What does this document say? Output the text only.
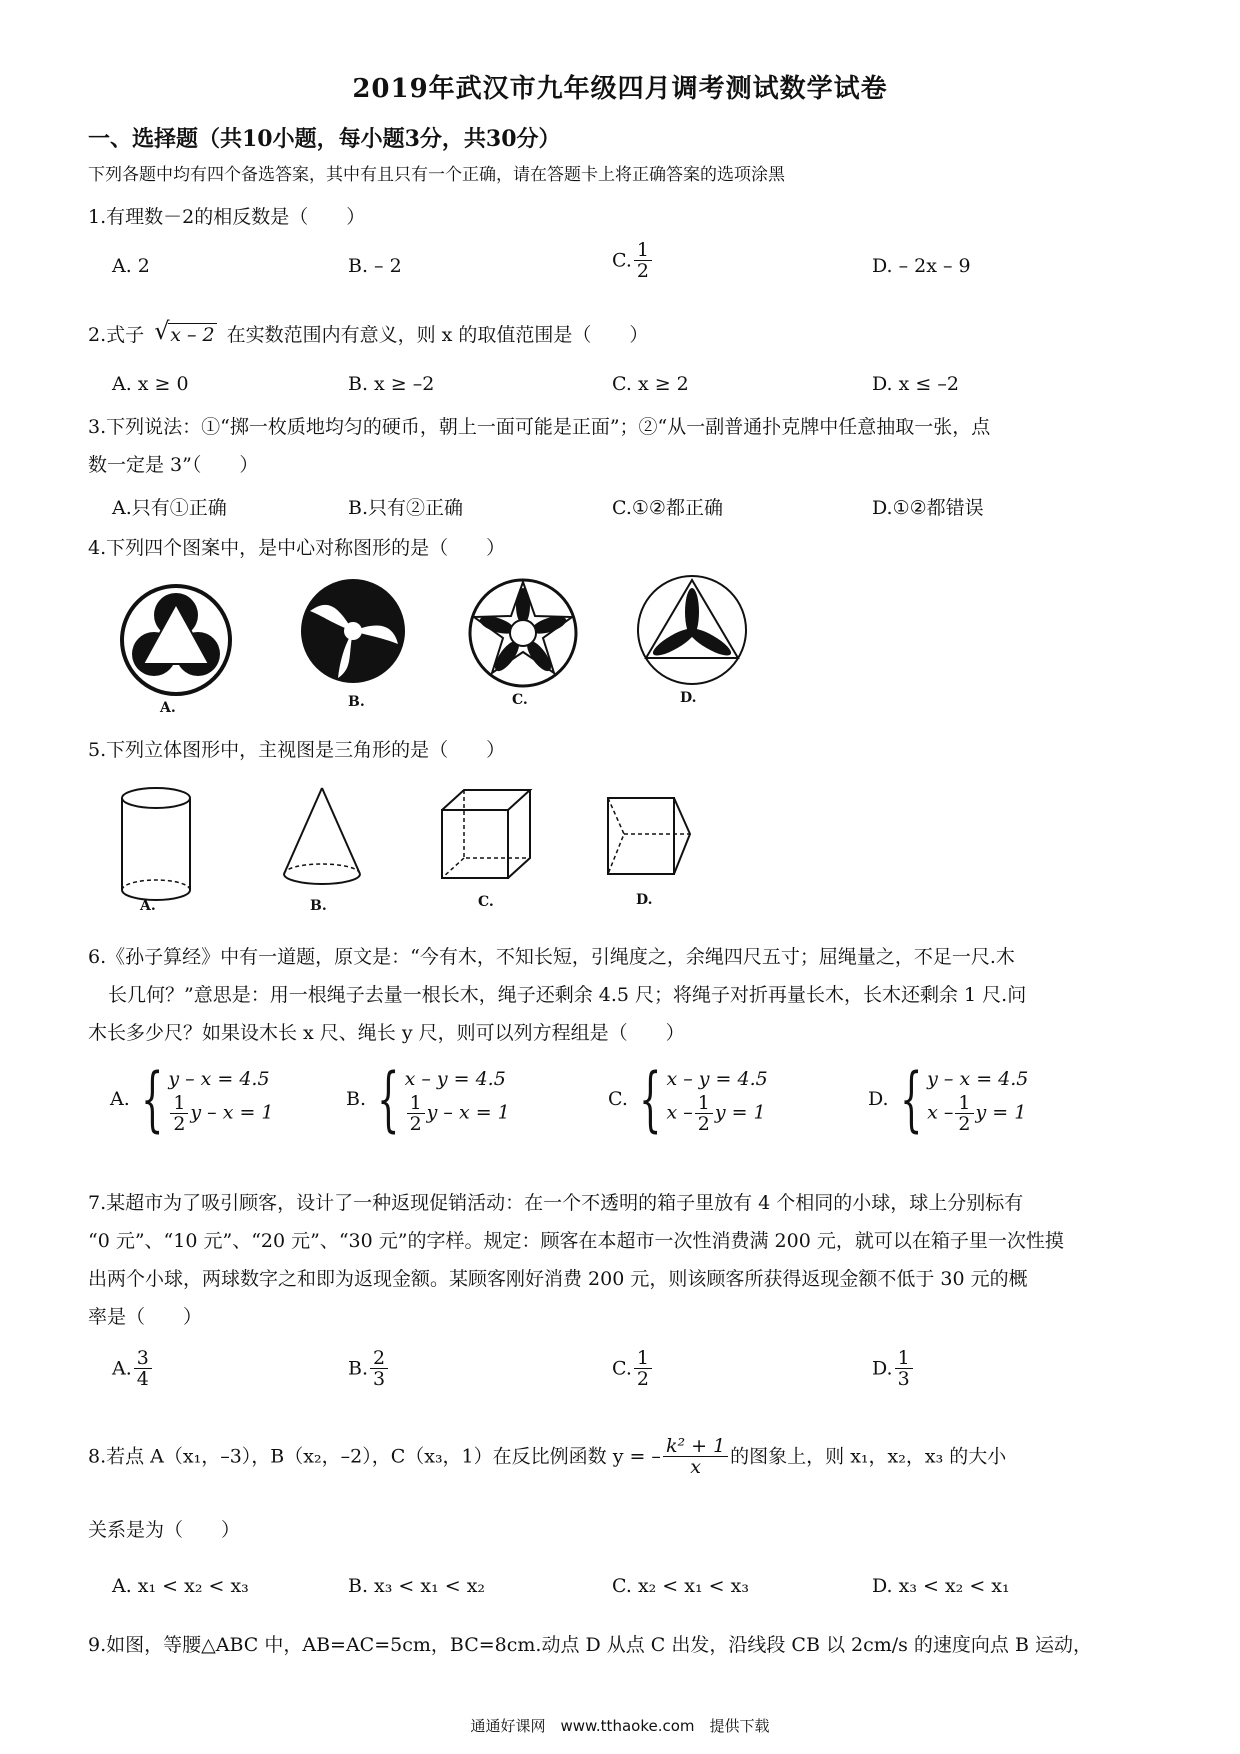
2019年武汉市九年级四月调考测试数学试卷
一、选择题（共10小题，每小题3分，共30分）
下列各题中均有四个备选答案，其中有且只有一个正确，请在答题卡上将正确答案的选项涂黑
1.有理数－2的相反数是（　　）
A. 2	B. – 2	C. $\frac{1}{2}$	D. – 2x – 9
2.式子 √ x – 2 在实数范围内有意义，则 x 的取值范围是（　　）
A. x ≥ 0	B. x ≥ –2	C. x ≥ 2	D. x ≤ –2
3.下列说法：①“掷一枚质地均匀的硬币，朝上一面可能是正面”；②“从一副普通扑克牌中任意抽取一张，点
数一定是 3”（　　）
A.只有①正确	B.只有②正确	C.①②都正确	D.①②都错误
4.下列四个图案中，是中心对称图形的是（　　）
A.	B.	C.	D.
5.下列立体图形中，主视图是三角形的是（　　）
A.	B.	C.	D.
6.《孙子算经》中有一道题，原文是：“今有木，不知长短，引绳度之，余绳四尺五寸；屈绳量之，不足一尺.木
长几何？”意思是：用一根绳子去量一根长木，绳子还剩余 4.5 尺；将绳子对折再量长木，长木还剩余 1 尺.问
木长多少尺？如果设木长 x 尺、绳长 y 尺，则可以列方程组是（　　）
A. { y – x = 4.5
$\frac{1}{2}$ y – x = 1
B. { x – y = 4.5
$\frac{1}{2}$ y – x = 1
C. { x – y = 4.5
x – $\frac{1}{2}$ y = 1
D. { y – x = 4.5
x – $\frac{1}{2}$ y = 1
7.某超市为了吸引顾客，设计了一种返现促销活动：在一个不透明的箱子里放有 4 个相同的小球，球上分别标有
“0 元”、“10 元”、“20 元”、“30 元”的字样。规定：顾客在本超市一次性消费满 200 元，就可以在箱子里一次性摸
出两个小球，两球数字之和即为返现金额。某顾客刚好消费 200 元，则该顾客所获得返现金额不低于 30 元的概
率是（　　）
A. $\frac{3}{4}$	B. $\frac{2}{3}$	C. $\frac{1}{2}$	D. $\frac{1}{3}$
8.若点 A（x₁，–3），B（x₂，–2），C（x₃，1）在反比例函数 y = – $\frac{\text{k² + 1}}{x}$ 的图象上，则 x₁，x₂，x₃ 的大小
关系是为（　　）
A. x₁ < x₂ < x₃	B. x₃ < x₁ < x₂	C. x₂ < x₁ < x₃	D. x₃ < x₂ < x₁
9.如图，等腰△ABC 中，AB=AC=5cm，BC=8cm.动点 D 从点 C 出发，沿线段 CB 以 2cm/s 的速度向点 B 运动，
通通好课网　www.tthaoke.com　提供下载
